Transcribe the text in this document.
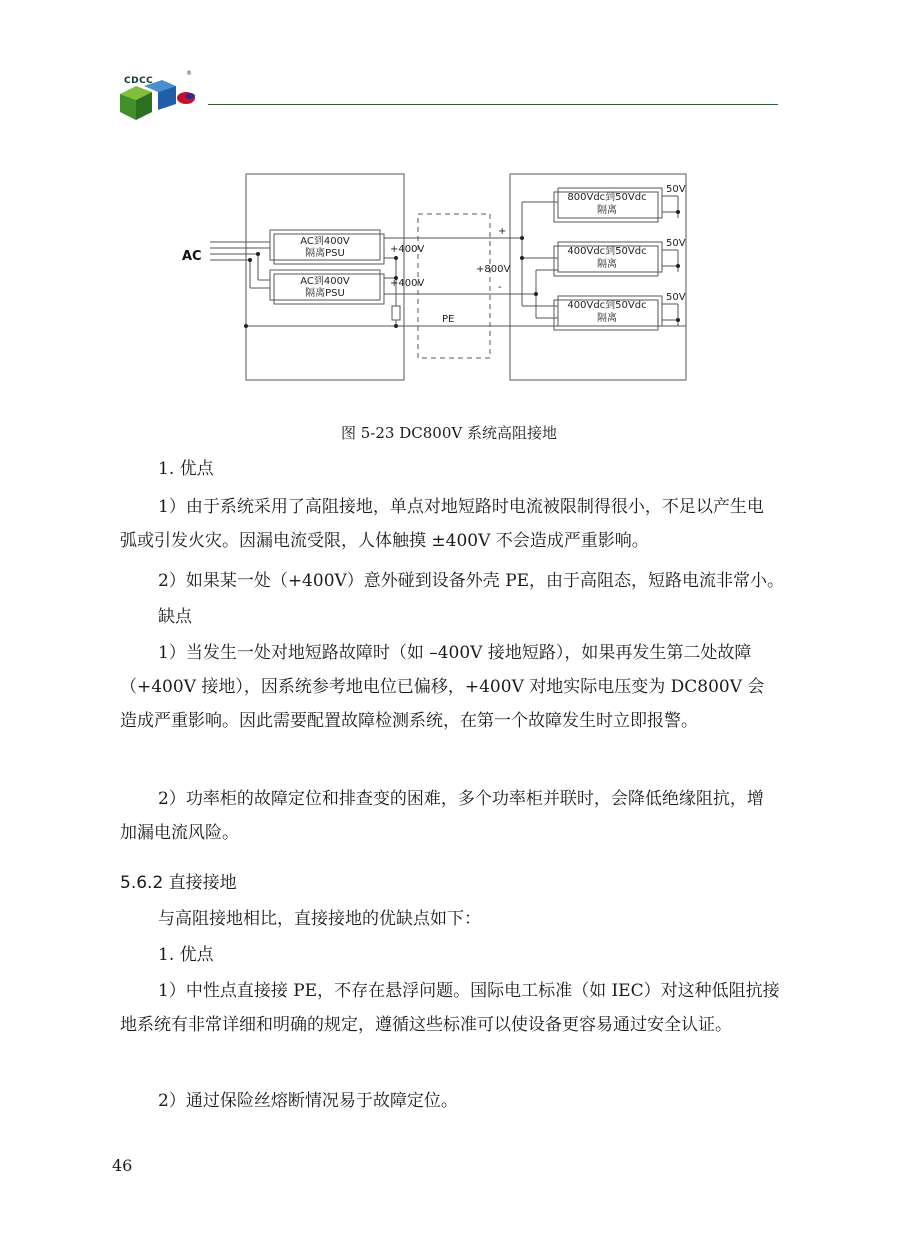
CDCC
®
AC
AC到400V
隔离PSU
AC到400V
隔离PSU
+400V
+400V
+800V
+
-
PE
800Vdc到50Vdc
隔离
400Vdc到50Vdc
隔离
400Vdc到50Vdc
隔离
50V
50V
50V
图 5-23 DC800V 系统高阻接地
1. 优点
1）由于系统采用了高阻接地，单点对地短路时电流被限制得很小，不足以产生电弧或引发火灾。因漏电流受限，人体触摸 ±400V 不会造成严重影响。
2）如果某一处（+400V）意外碰到设备外壳 PE，由于高阻态，短路电流非常小。
缺点
1）当发生一处对地短路故障时（如 –400V 接地短路），如果再发生第二处故障（+400V 接地），因系统参考地电位已偏移，+400V 对地实际电压变为 DC800V 会造成严重影响。因此需要配置故障检测系统，在第一个故障发生时立即报警。
2）功率柜的故障定位和排查变的困难，多个功率柜并联时，会降低绝缘阻抗，增加漏电流风险。
5.6.2 直接接地
与高阻接地相比，直接接地的优缺点如下：
1. 优点
1）中性点直接接 PE，不存在悬浮问题。国际电工标准（如 IEC）对这种低阻抗接地系统有非常详细和明确的规定，遵循这些标准可以使设备更容易通过安全认证。
2）通过保险丝熔断情况易于故障定位。
46
